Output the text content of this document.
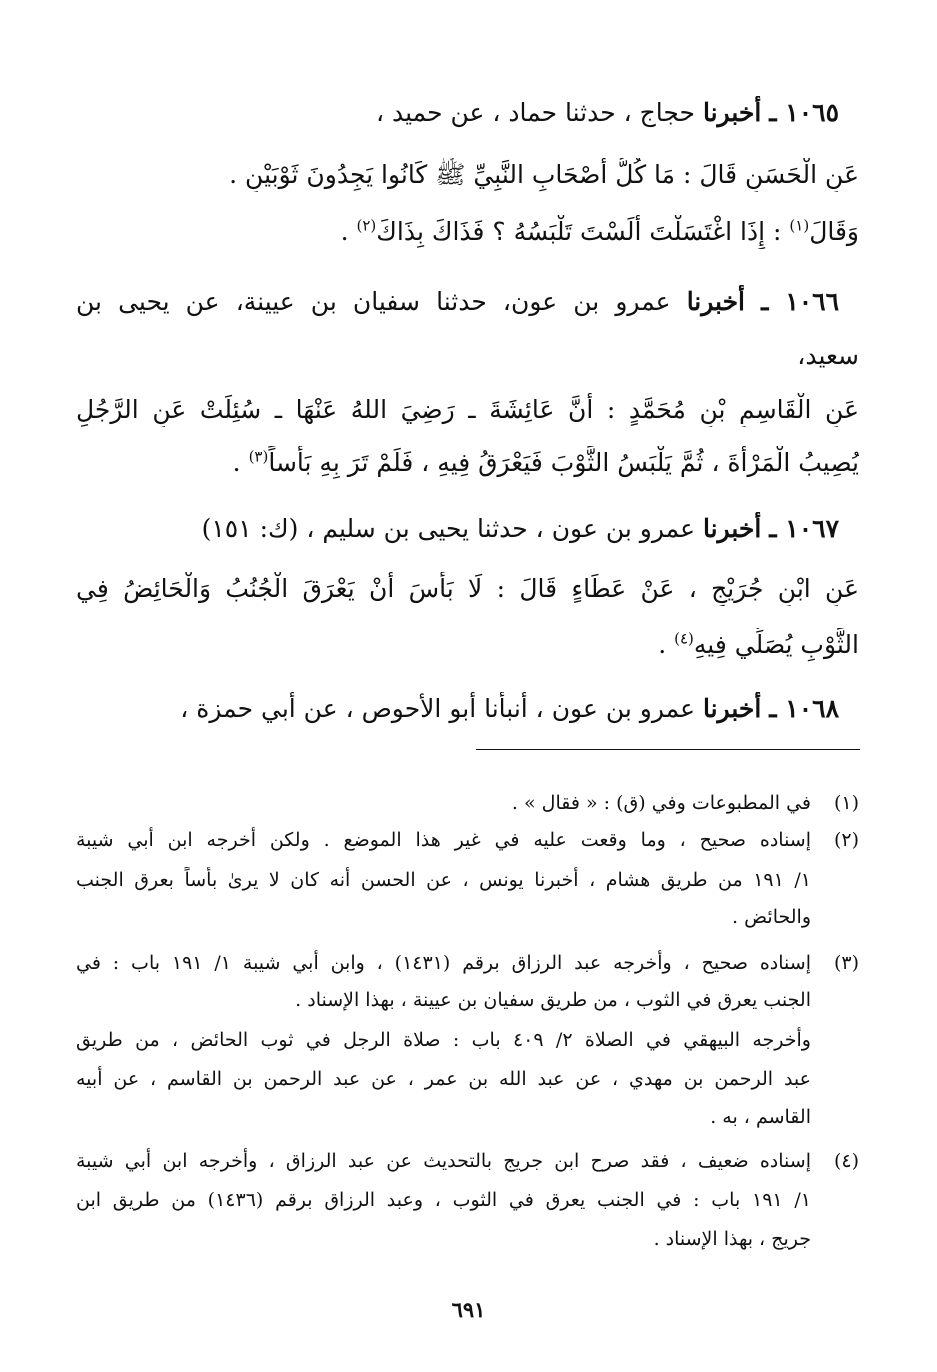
١٠٦٥ ـ أخبرنا حجاج ، حدثنا حماد ، عن حميد ،
عَنِ الْحَسَنِ قَالَ : مَا كُلُّ أَصْحَابِ النَّبِيِّ ﷺ كَانُوا يَجِدُونَ ثَوْبَيْنِ .
وَقَالَ$^{(١)}$ : إِذَا اغْتَسَلْتَ أَلَسْتَ تَلْبَسُهُ ؟ فَذَاكَ بِذَاكَ$^{(٢)}$ .
١٠٦٦ ـ أخبرنا عمرو بن عون، حدثنا سفيان بن عيينة، عن يحيى بن
سعيد،
عَنِ الْقَاسِمِ بْنِ مُحَمَّدٍ : أَنَّ عَائِشَةَ ـ رَضِيَ اللهُ عَنْهَا ـ سُئِلَتْ عَنِ الرَّجُلِ
يُصِيبُ الْمَرْأَةَ ، ثُمَّ يَلْبَسُ الثَّوْبَ فَيَعْرَقُ فِيهِ ، فَلَمْ تَرَ بِهِ بَأْساً$^{(٣)}$ .
١٠٦٧ ـ أخبرنا عمرو بن عون ، حدثنا يحيى بن سليم ، (ك: ١٥١)
عَنِ ابْنِ جُرَيْجٍ ، عَنْ عَطَاءٍ قَالَ : لَا بَأْسَ أَنْ يَعْرَقَ الْجُنُبُ وَالْحَائِضُ فِي
الثَّوْبِ يُصَلِّي فِيهِ$^{(٤)}$ .
١٠٦٨ ـ أخبرنا عمرو بن عون ، أنبأنا أبو الأحوص ، عن أبي حمزة ،
(١)
في المطبوعات وفي (ق) : « فقال » .
(٢)
إسناده صحيح ، وما وقعت عليه في غير هذا الموضع . ولكن أخرجه ابن أبي شيبة
١/ ١٩١ من طريق هشام ، أخبرنا يونس ، عن الحسن أنه كان لا يرىٰ بأساً بعرق الجنب
والحائض .
(٣)
إسناده صحيح ، وأخرجه عبد الرزاق برقم (١٤٣١) ، وابن أبي شيبة ١/ ١٩١ باب : في
الجنب يعرق في الثوب ، من طريق سفيان بن عيينة ، بهذا الإسناد .
وأخرجه البيهقي في الصلاة ٢/ ٤٠٩ باب : صلاة الرجل في ثوب الحائض ، من طريق
عبد الرحمن بن مهدي ، عن عبد الله بن عمر ، عن عبد الرحمن بن القاسم ، عن أبيه
القاسم ، به .
(٤)
إسناده ضعيف ، فقد صرح ابن جريج بالتحديث عن عبد الرزاق ، وأخرجه ابن أبي شيبة
١/ ١٩١ باب : في الجنب يعرق في الثوب ، وعبد الرزاق برقم (١٤٣٦) من طريق ابن
جريج ، بهذا الإسناد .
٦٩١
